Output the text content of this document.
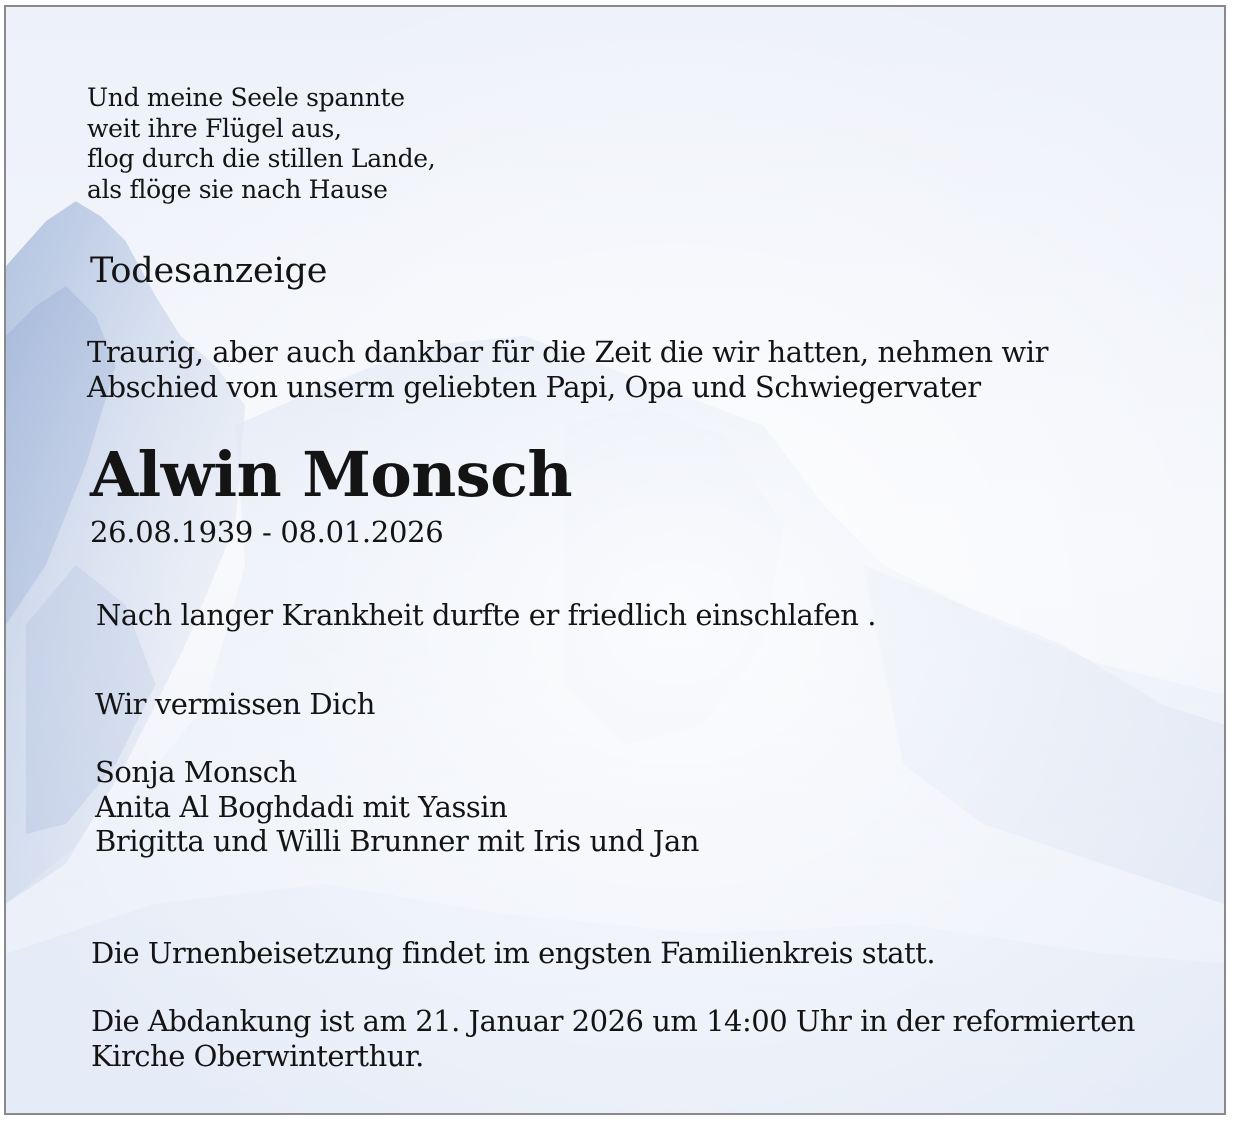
Und meine Seele spannte
weit ihre Flügel aus,
flog durch die stillen Lande,
als flöge sie nach Hause
Todesanzeige
Traurig, aber auch dankbar für die Zeit die wir hatten, nehmen wir
Abschied von unserm geliebten Papi, Opa und Schwiegervater
Alwin Monsch
26.08.1939 - 08.01.2026
Nach langer Krankheit durfte er friedlich einschlafen .
Wir vermissen Dich
Sonja Monsch
Anita Al Boghdadi mit Yassin
Brigitta und Willi Brunner mit Iris und Jan
Die Urnenbeisetzung findet im engsten Familienkreis statt.
Die Abdankung ist am 21. Januar 2026 um 14:00 Uhr in der reformierten
Kirche Oberwinterthur.
